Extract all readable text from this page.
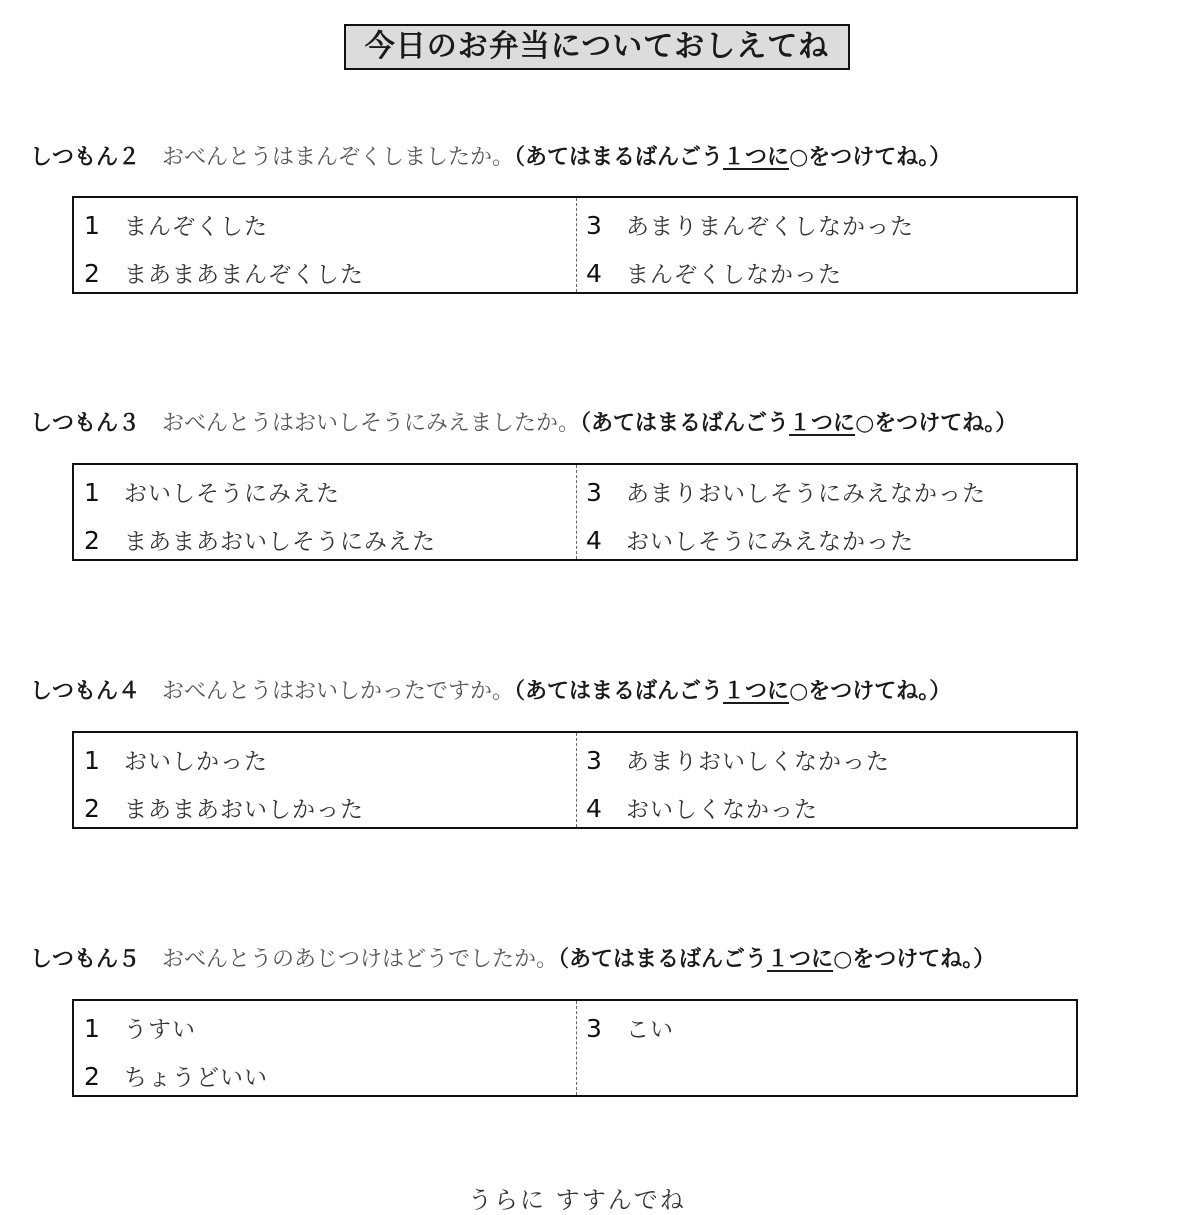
今日のお弁当についておしえてね
しつもん２ おべんとうはまんぞくしましたか。（あてはまるばんごう１つに○をつけてね。）
1 まんぞくした
2 まあまあまんぞくした
3 あまりまんぞくしなかった
4 まんぞくしなかった
しつもん３ おべんとうはおいしそうにみえましたか。（あてはまるばんごう１つに○をつけてね。）
1 おいしそうにみえた
2 まあまあおいしそうにみえた
3 あまりおいしそうにみえなかった
4 おいしそうにみえなかった
しつもん４ おべんとうはおいしかったですか。（あてはまるばんごう１つに○をつけてね。）
1 おいしかった
2 まあまあおいしかった
3 あまりおいしくなかった
4 おいしくなかった
しつもん５ おべんとうのあじつけはどうでしたか。（あてはまるばんごう１つに○をつけてね。）
1 うすい
2 ちょうどいい
3 こい
うらに すすんでね
